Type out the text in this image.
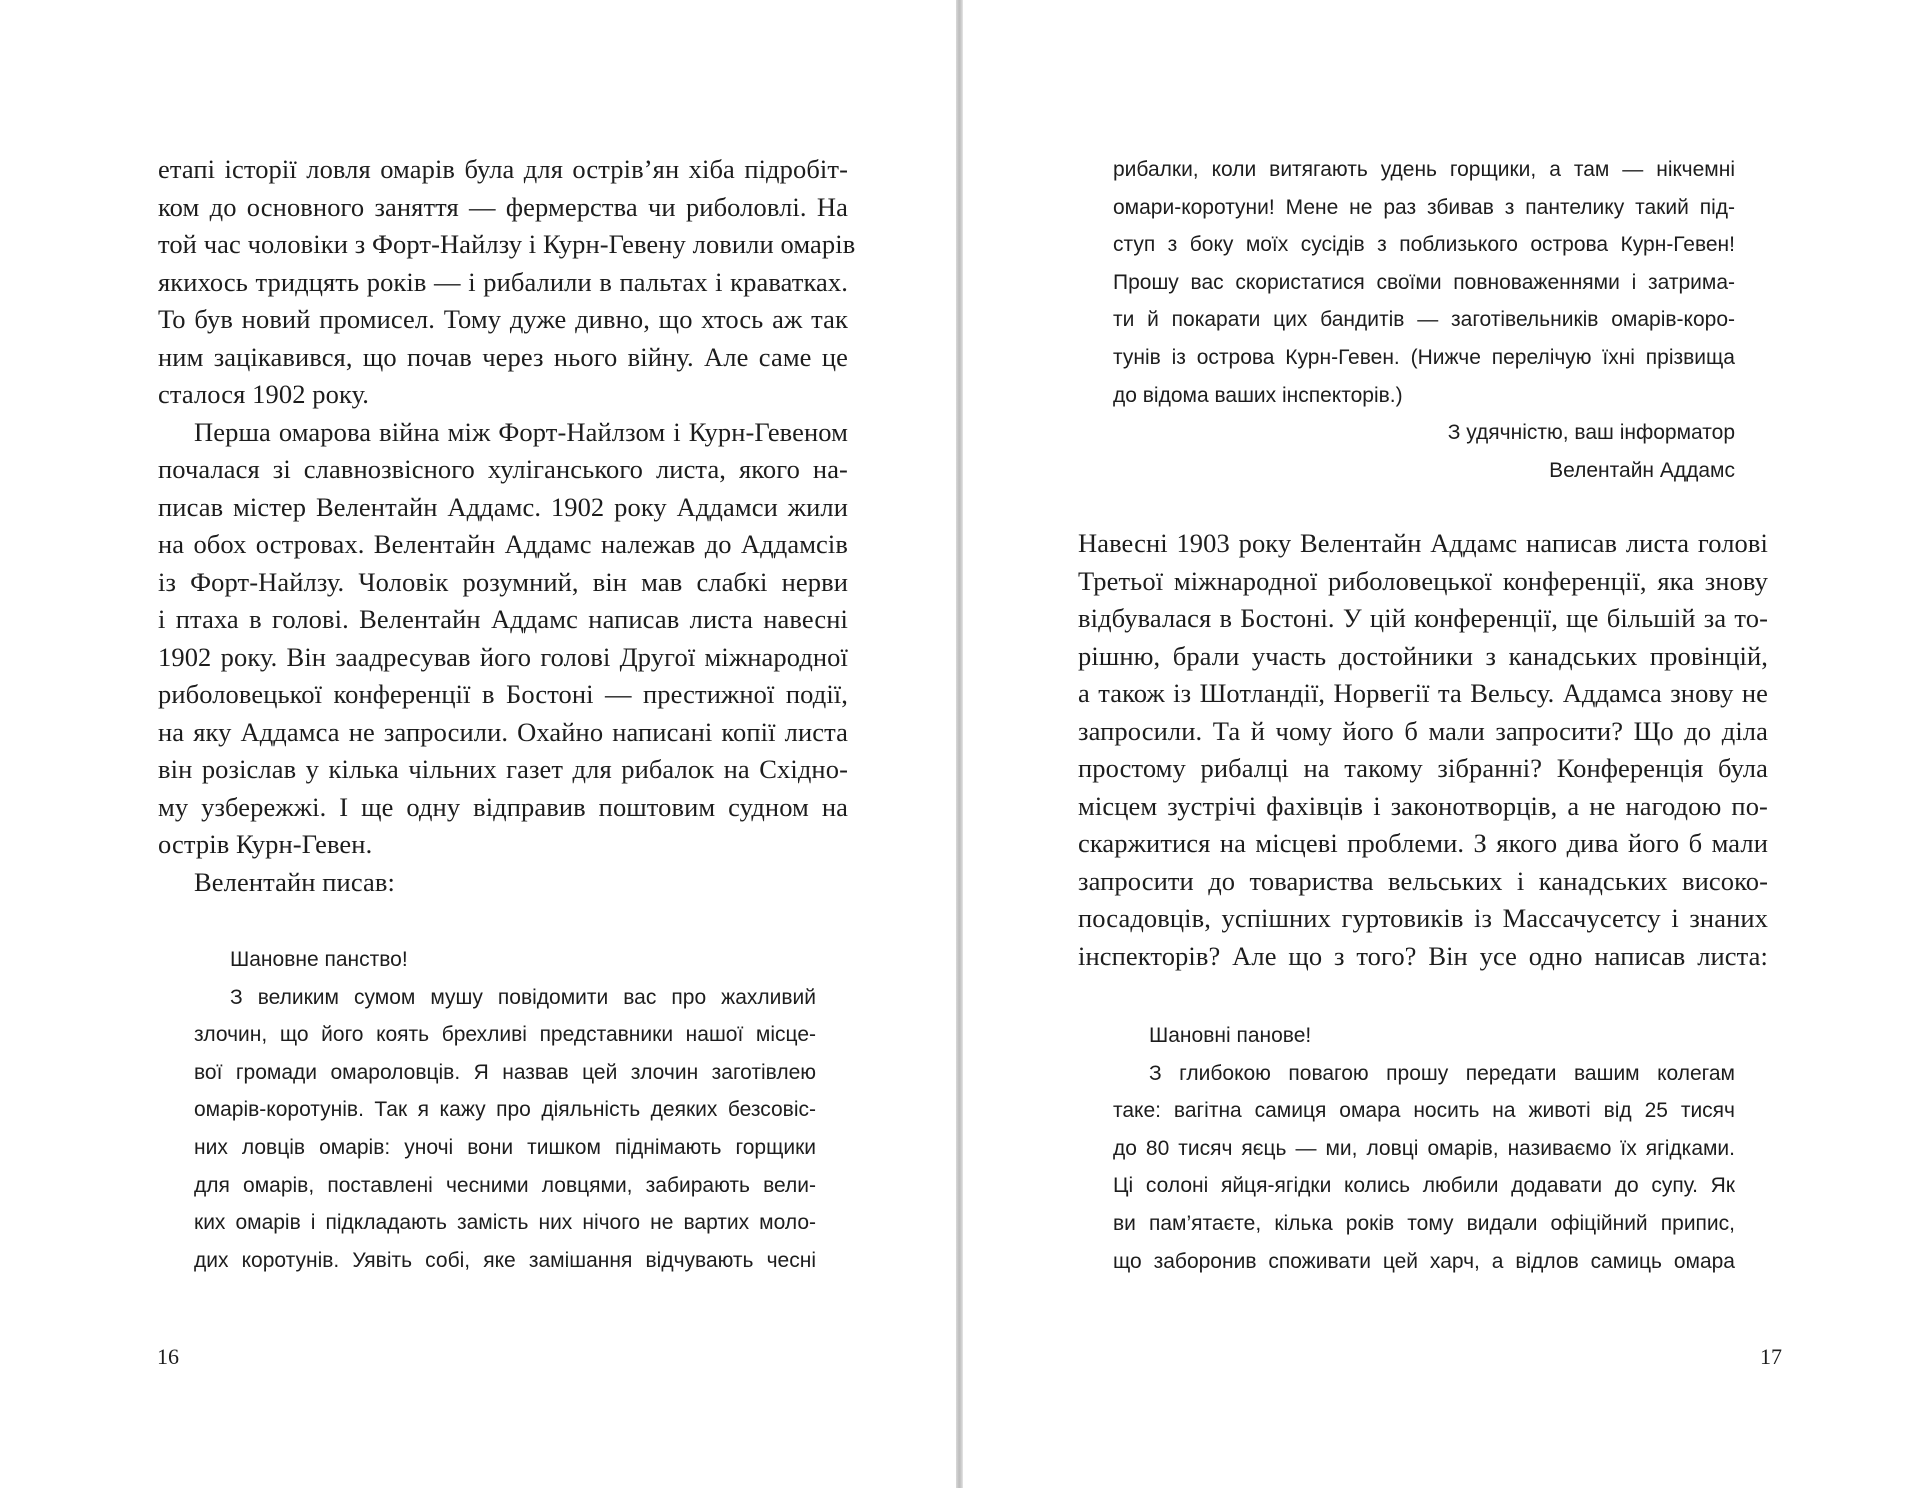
етапі історії ловля омарів була для острів’ян хіба підробіт-
ком до основного заняття — фермерства чи риболовлі. На
той час чоловіки з Форт-Найлзу і Курн-Гевену ловили омарів
якихось тридцять років — і рибалили в пальтах і краватках.
То був новий промисел. Тому дуже дивно, що хтось аж так
ним зацікавився, що почав через нього війну. Але саме це
сталося 1902 року.
Перша омарова війна між Форт-Найлзом і Курн-Гевеном
почалася зі славнозвісного хуліганського листа, якого на-
писав містер Велентайн Аддамс. 1902 року Аддамси жили
на обох островах. Велентайн Аддамс належав до Аддамсів
із Форт-Найлзу. Чоловік розумний, він мав слабкі нерви
і птаха в голові. Велентайн Аддамс написав листа навесні
1902 року. Він заадресував його голові Другої міжнародної
риболовецької конференції в Бостоні — престижної події,
на яку Аддамса не запросили. Охайно написані копії листа
він розіслав у кілька чільних газет для рибалок на Східно-
му узбережжі. І ще одну відправив поштовим судном на
острів Курн-Гевен.
Велентайн писав:
Шановне панство!
З великим сумом мушу повідомити вас про жахливий
злочин, що його коять брехливі представники нашої місце-
вої громади омароловців. Я назвав цей злочин заготівлею
омарів-коротунів. Так я кажу про діяльність деяких безсовіс-
них ловців омарів: уночі вони тишком піднімають горщики
для омарів, поставлені чесними ловцями, забирають вели-
ких омарів і підкладають замість них нічого не вартих моло-
дих коротунів. Уявіть собі, яке замішання відчувають чесні
16
рибалки, коли витягають удень горщики, а там — нікчемні
омари-коротуни! Мене не раз збивав з пантелику такий під-
ступ з боку моїх сусідів з поблизького острова Курн-Гевен!
Прошу вас скористатися своїми повноваженнями і затрима-
ти й покарати цих бандитів — заготівельників омарів-коро-
тунів із острова Курн-Гевен. (Нижче перелічую їхні прізвища
до відома ваших інспекторів.)
З удячністю, ваш інформатор
Велентайн Аддамс
Навесні 1903 року Велентайн Аддамс написав листа голові
Третьої міжнародної риболовецької конференції, яка знову
відбувалася в Бостоні. У цій конференції, ще більшій за то-
рішню, брали участь достойники з канадських провінцій,
а також із Шотландії, Норвегії та Вельсу. Аддамса знову не
запросили. Та й чому його б мали запросити? Що до діла
простому рибалці на такому зібранні? Конференція була
місцем зустрічі фахівців і законотворців, а не нагодою по-
скаржитися на місцеві проблеми. З якого дива його б мали
запросити до товариства вельських і канадських високо-
посадовців, успішних гуртовиків із Массачусетсу і знаних
інспекторів? Але що з того? Він усе одно написав листа:
Шановні панове!
З глибокою повагою прошу передати вашим колегам
таке: вагітна самиця омара носить на животі від 25 тисяч
до 80 тисяч яєць — ми, ловці омарів, називаємо їх ягідками.
Ці солоні яйця-ягідки колись любили додавати до супу. Як
ви пам’ятаєте, кілька років тому видали офіційний припис,
що заборонив споживати цей харч, а відлов самиць омара
17
